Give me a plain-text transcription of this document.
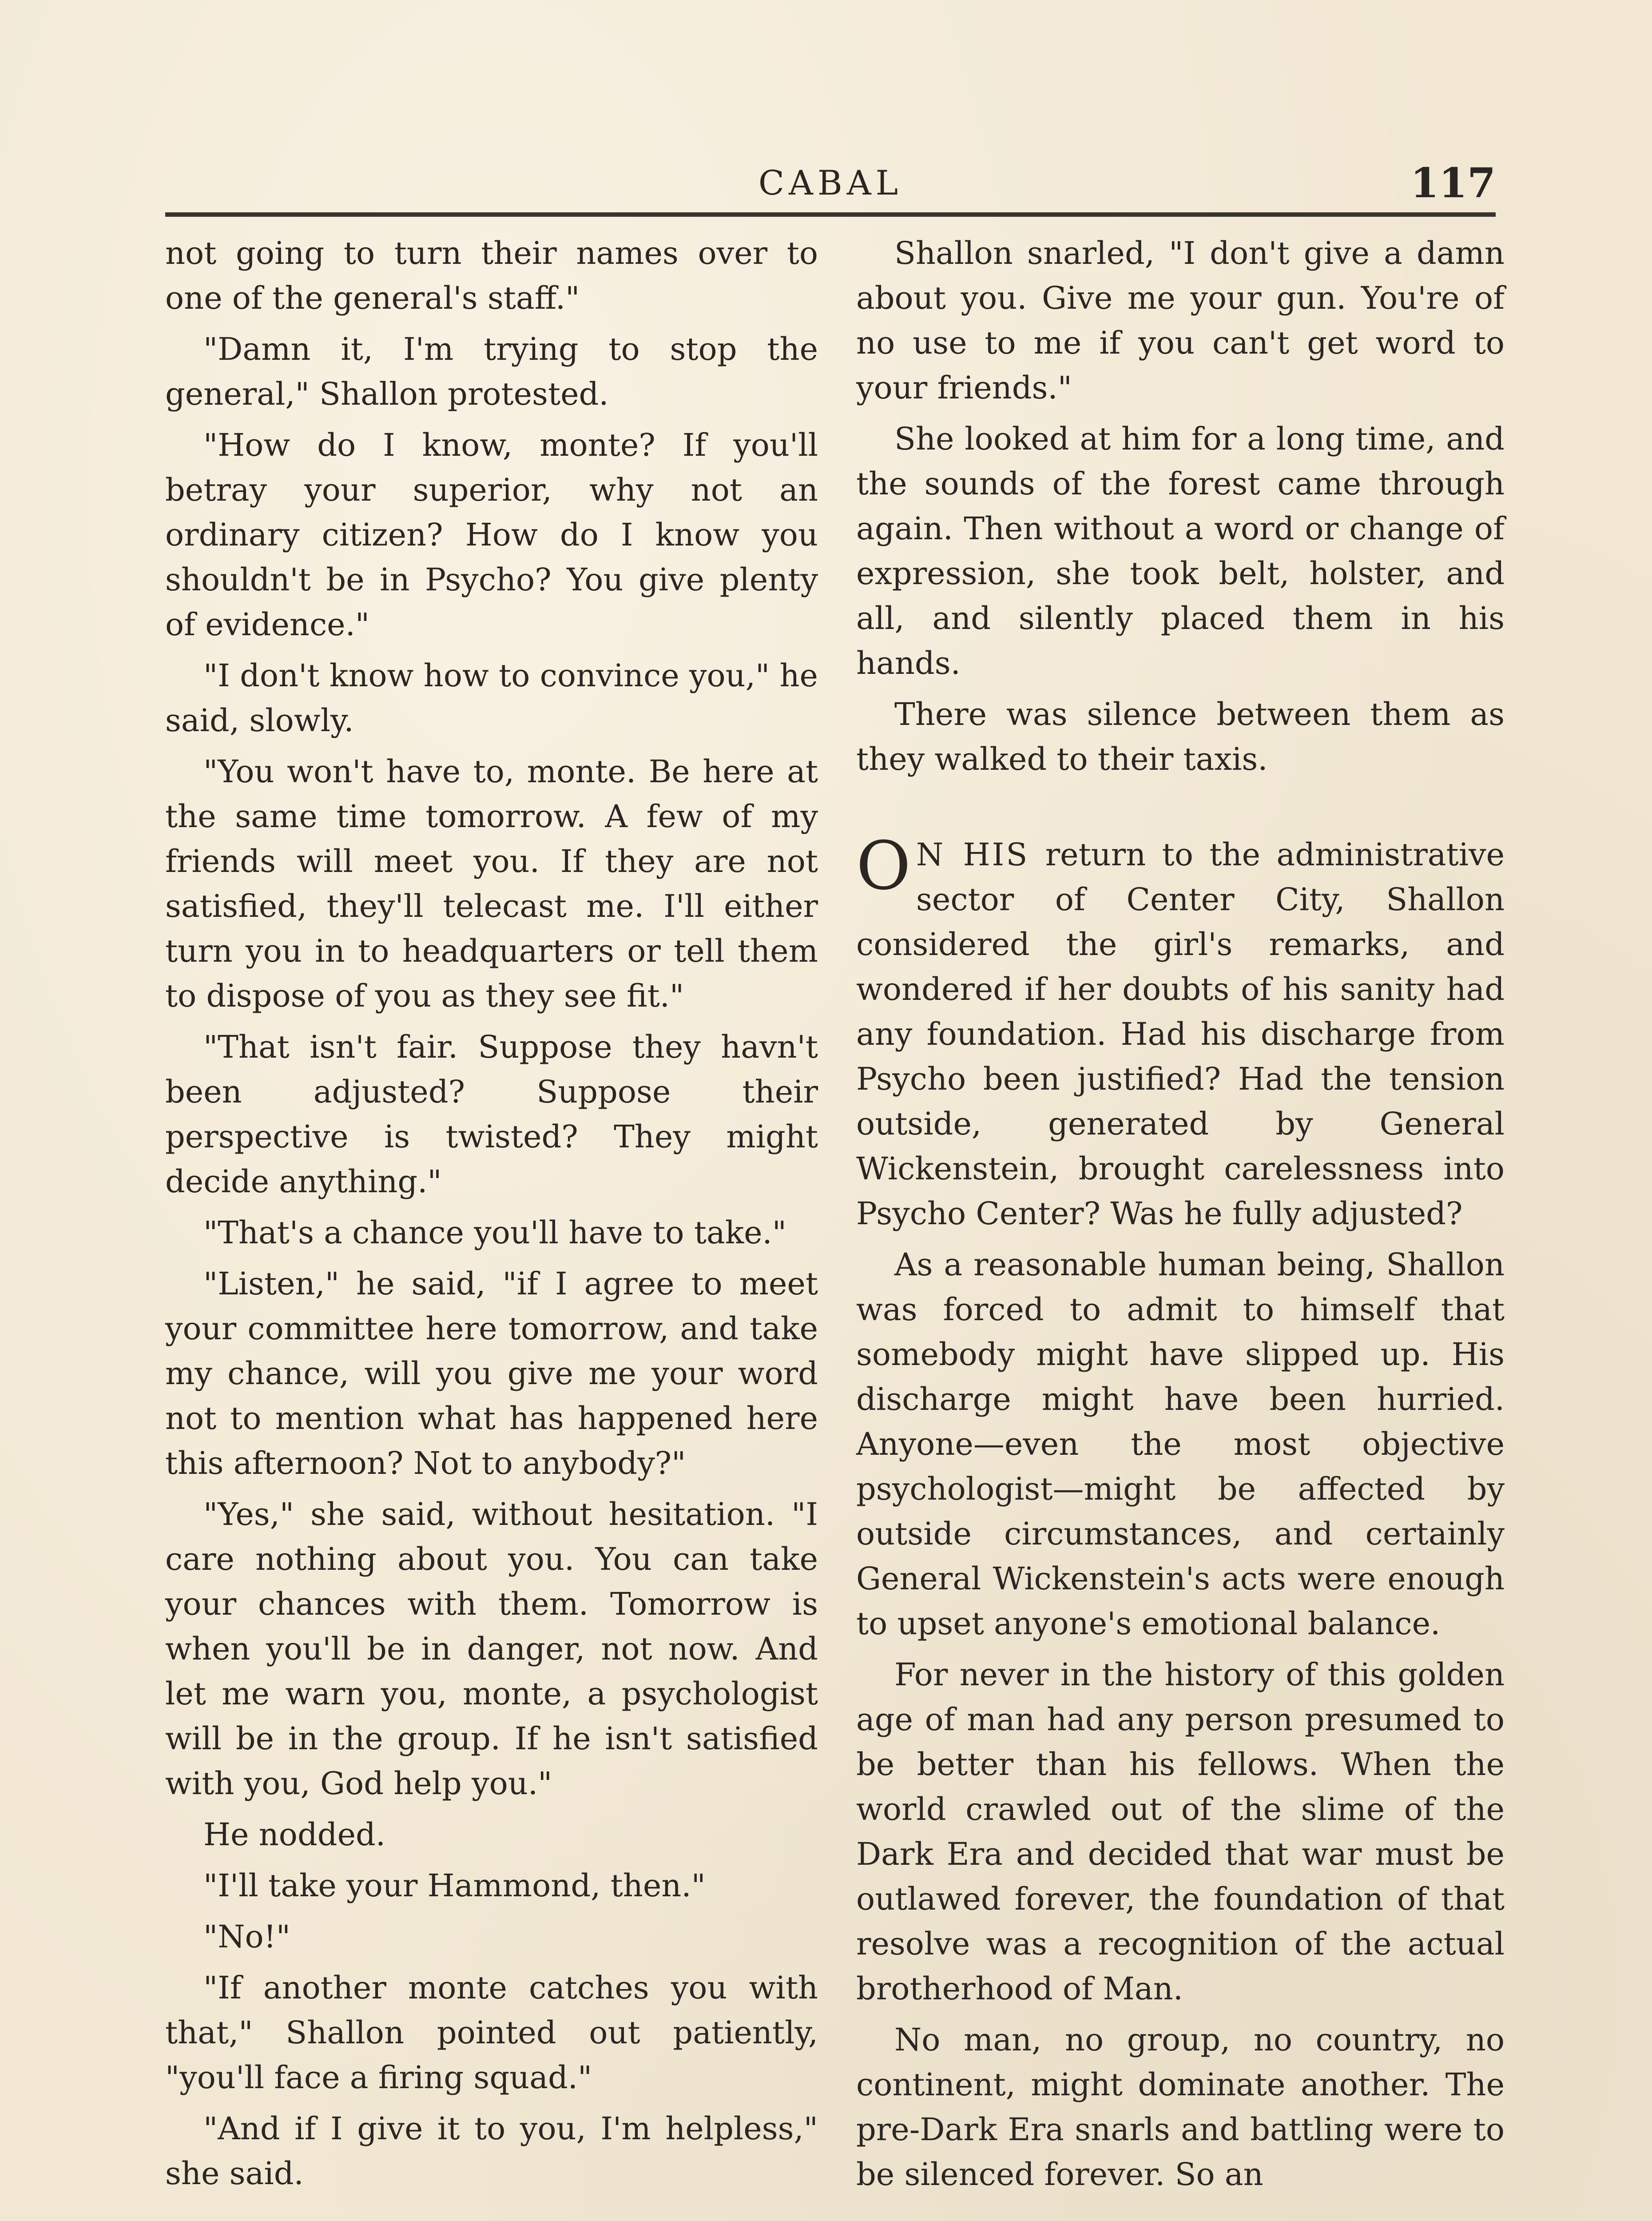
CABAL	117

not going to turn their names over to one of the general's staff."

"Damn it, I'm trying to stop the general," Shallon protested.

"How do I know, monte? If you'll betray your superior, why not an ordinary citizen? How do I know you shouldn't be in Psycho? You give plenty of evidence."

"I don't know how to convince you," he said, slowly.

"You won't have to, monte. Be here at the same time tomorrow. A few of my friends will meet you. If they are not satisfied, they'll telecast me. I'll either turn you in to headquarters or tell them to dispose of you as they see fit."

"That isn't fair. Suppose they havn't been adjusted? Suppose their perspective is twisted? They might decide anything."

"That's a chance you'll have to take."

"Listen," he said, "if I agree to meet your committee here tomorrow, and take my chance, will you give me your word not to mention what has happened here this afternoon? Not to anybody?"

"Yes," she said, without hesitation. "I care nothing about you. You can take your chances with them. Tomorrow is when you'll be in danger, not now. And let me warn you, monte, a psychologist will be in the group. If he isn't satisfied with you, God help you."

He nodded.

"I'll take your Hammond, then."

"No!"

"If another monte catches you with that," Shallon pointed out patiently, "you'll face a firing squad."

"And if I give it to you, I'm helpless," she said.

Shallon snarled, "I don't give a damn about you. Give me your gun. You're of no use to me if you can't get word to your friends."

She looked at him for a long time, and the sounds of the forest came through again. Then without a word or change of expression, she took belt, holster, and all, and silently placed them in his hands.

There was silence between them as they walked to their taxis.

O N HIS return to the administrative sector of Center City, Shallon considered the girl's remarks, and wondered if her doubts of his sanity had any foundation. Had his discharge from Psycho been justified? Had the tension outside, generated by General Wickenstein, brought carelessness into Psycho Center? Was he fully adjusted?

As a reasonable human being, Shallon was forced to admit to himself that somebody might have slipped up. His discharge might have been hurried. Anyone—even the most objective psychologist—might be affected by outside circumstances, and certainly General Wickenstein's acts were enough to upset anyone's emotional balance.

For never in the history of this golden age of man had any person presumed to be better than his fellows. When the world crawled out of the slime of the Dark Era and decided that war must be outlawed forever, the foundation of that resolve was a recognition of the actual brotherhood of Man.

No man, no group, no country, no continent, might dominate another. The pre-Dark Era snarls and battling were to be silenced forever. So an
